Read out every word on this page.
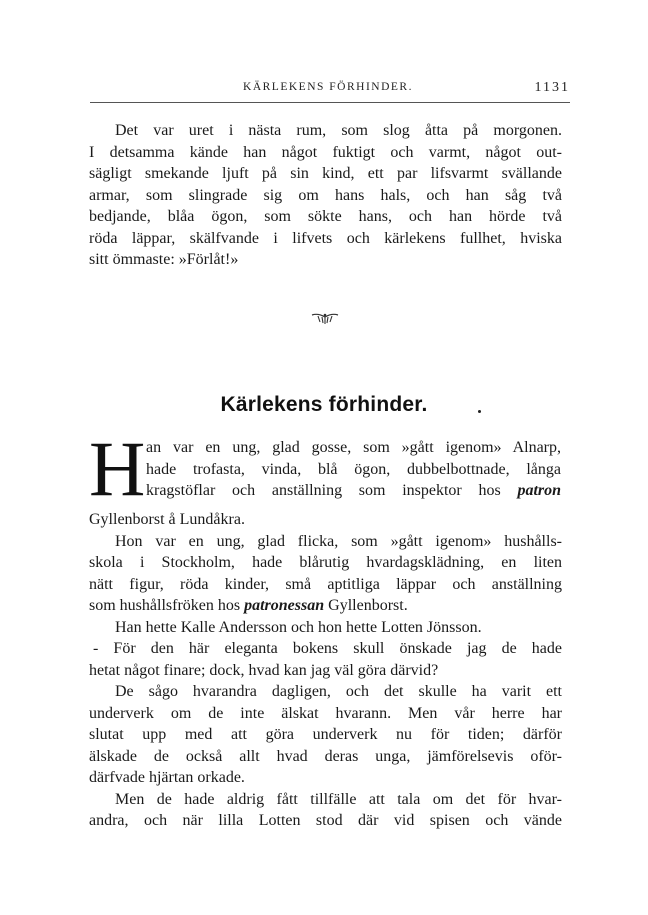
KÄRLEKENS FÖRHINDER.	1131
Det var uret i nästa rum, som slog åtta på morgonen.
I detsamma kände han något fuktigt och varmt, något out-
sägligt smekande ljuft på sin kind, ett par lifsvarmt svällande
armar, som slingrade sig om hans hals, och han såg två
bedjande, blåa ögon, som sökte hans, och han hörde två
röda läppar, skälfvande i lifvets och kärlekens fullhet, hviska
sitt ömmaste: »Förlåt!»
Kärlekens förhinder.
H an var en ung, glad gosse, som »gått igenom» Alnarp,
hade trofasta, vinda, blå ögon, dubbelbottnade, långa
kragstöflar och anställning som inspektor hos patron
Gyllenborst å Lundåkra.
Hon var en ung, glad flicka, som »gått igenom» hushålls-
skola i Stockholm, hade blårutig hvardagsklädning, en liten
nätt figur, röda kinder, små aptitliga läppar och anställning
som hushållsfröken hos patronessan Gyllenborst.
Han hette Kalle Andersson och hon hette Lotten Jönsson.
- För den här eleganta bokens skull önskade jag de hade
hetat något finare; dock, hvad kan jag väl göra därvid?
De sågo hvarandra dagligen, och det skulle ha varit ett
underverk om de inte älskat hvarann. Men vår herre har
slutat upp med att göra underverk nu för tiden; därför
älskade de också allt hvad deras unga, jämförelsevis oför-
därfvade hjärtan orkade.
Men de hade aldrig fått tillfälle att tala om det för hvar-
andra, och när lilla Lotten stod där vid spisen och vände
